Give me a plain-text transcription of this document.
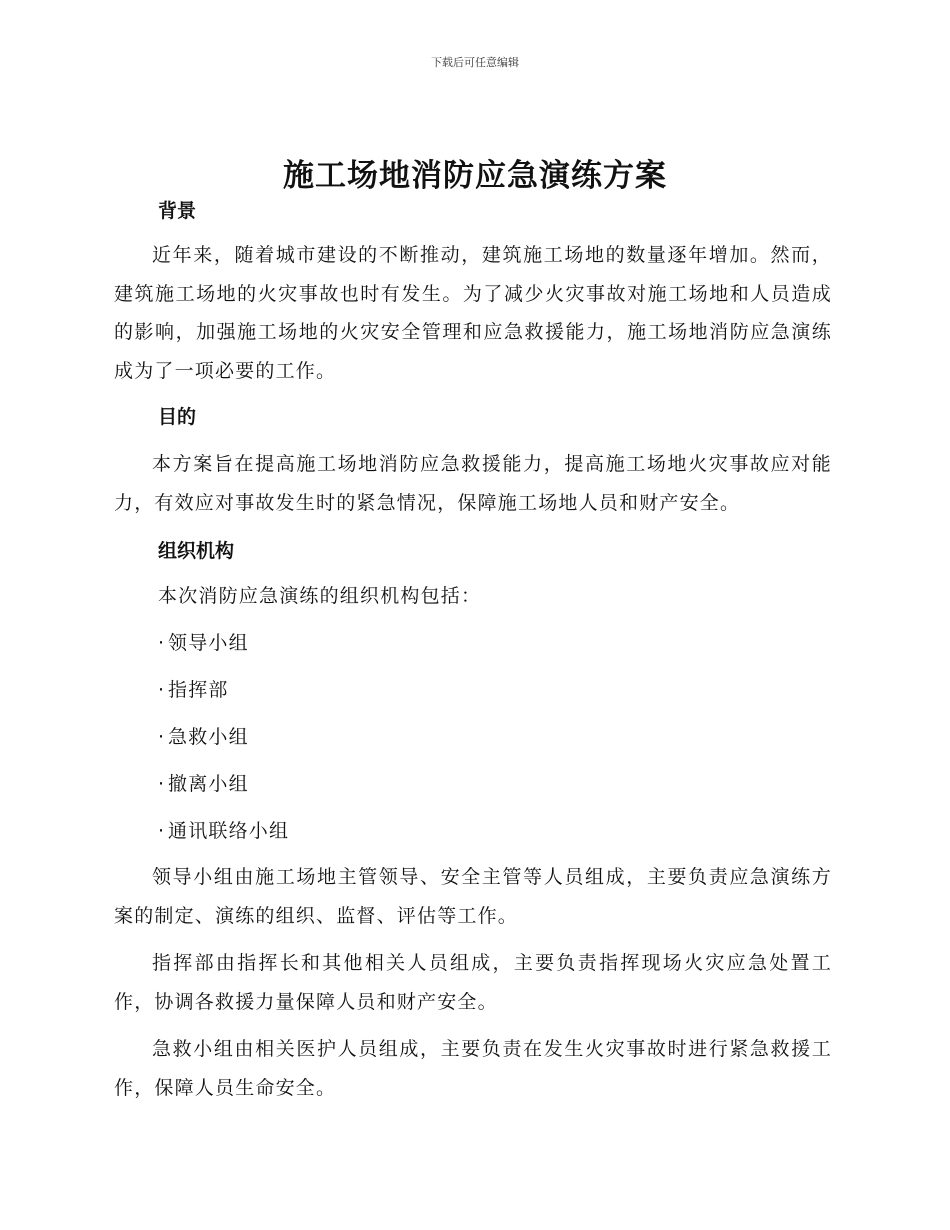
下载后可任意编辑
施工场地消防应急演练方案
背景

近年来，随着城市建设的不断推动，建筑施工场地的数量逐年增加。然而，建筑施工场地的火灾事故也时有发生。为了减少火灾事故对施工场地和人员造成的影响，加强施工场地的火灾安全管理和应急救援能力，施工场地消防应急演练成为了一项必要的工作。

目的

本方案旨在提高施工场地消防应急救援能力，提高施工场地火灾事故应对能力，有效应对事故发生时的紧急情况，保障施工场地人员和财产安全。

组织机构
本次消防应急演练的组织机构包括：
· 领导小组
· 指挥部
· 急救小组
· 撤离小组
· 通讯联络小组

领导小组由施工场地主管领导、安全主管等人员组成，主要负责应急演练方案的制定、演练的组织、监督、评估等工作。

指挥部由指挥长和其他相关人员组成，主要负责指挥现场火灾应急处置工作，协调各救援力量保障人员和财产安全。

急救小组由相关医护人员组成，主要负责在发生火灾事故时进行紧急救援工作，保障人员生命安全。
